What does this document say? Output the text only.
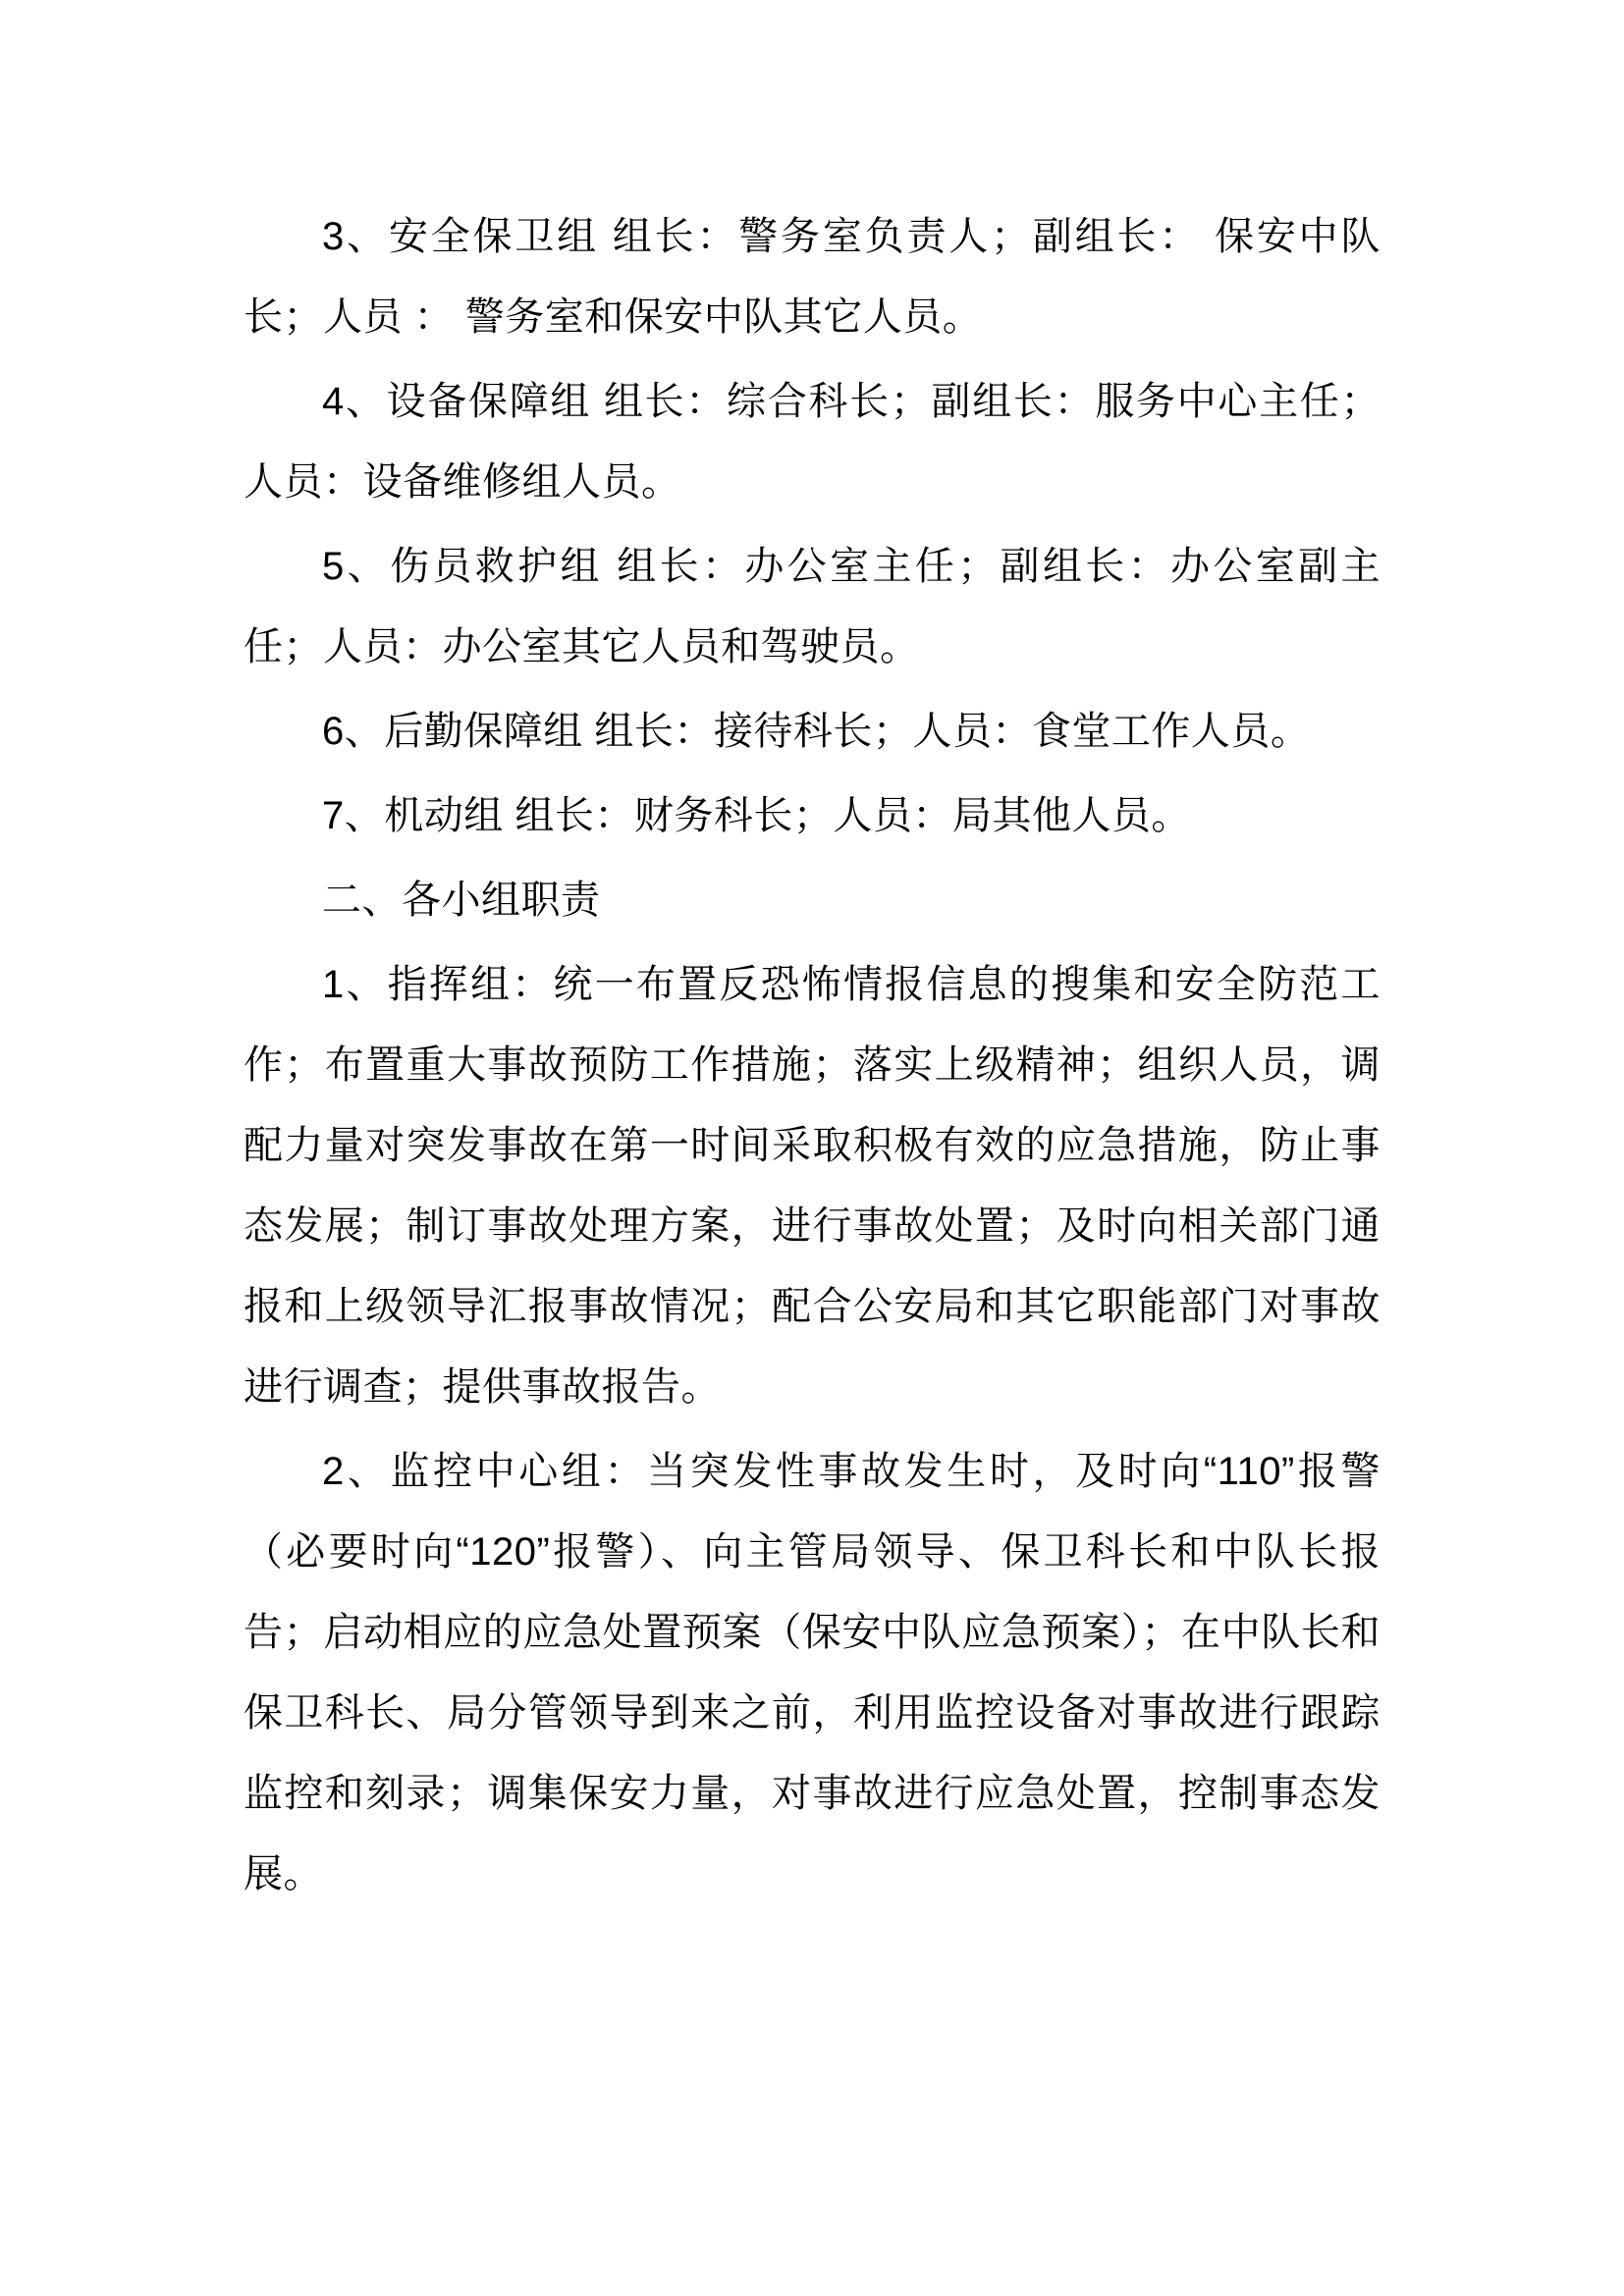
3、安全保卫组 组长：警务室负责人；副组长： 保安中队长；人员 ： 警务室和保安中队其它人员。

4、设备保障组 组长：综合科长；副组长：服务中心主任；人员：设备维修组人员。

5、伤员救护组 组长：办公室主任；副组长：办公室副主任；人员：办公室其它人员和驾驶员。

6、后勤保障组 组长：接待科长；人员：食堂工作人员。

7、机动组 组长：财务科长；人员：局其他人员。

二、各小组职责

1、指挥组：统一布置反恐怖情报信息的搜集和安全防范工作；布置重大事故预防工作措施；落实上级精神；组织人员，调配力量对突发事故在第一时间采取积极有效的应急措施，防止事态发展；制订事故处理方案，进行事故处置；及时向相关部门通报和上级领导汇报事故情况；配合公安局和其它职能部门对事故进行调查；提供事故报告。

2、监控中心组：当突发性事故发生时，及时向“110”报警（必要时向“120”报警）、向主管局领导、保卫科长和中队长报告；启动相应的应急处置预案（保安中队应急预案）；在中队长和保卫科长、局分管领导到来之前，利用监控设备对事故进行跟踪监控和刻录；调集保安力量，对事故进行应急处置，控制事态发展。
